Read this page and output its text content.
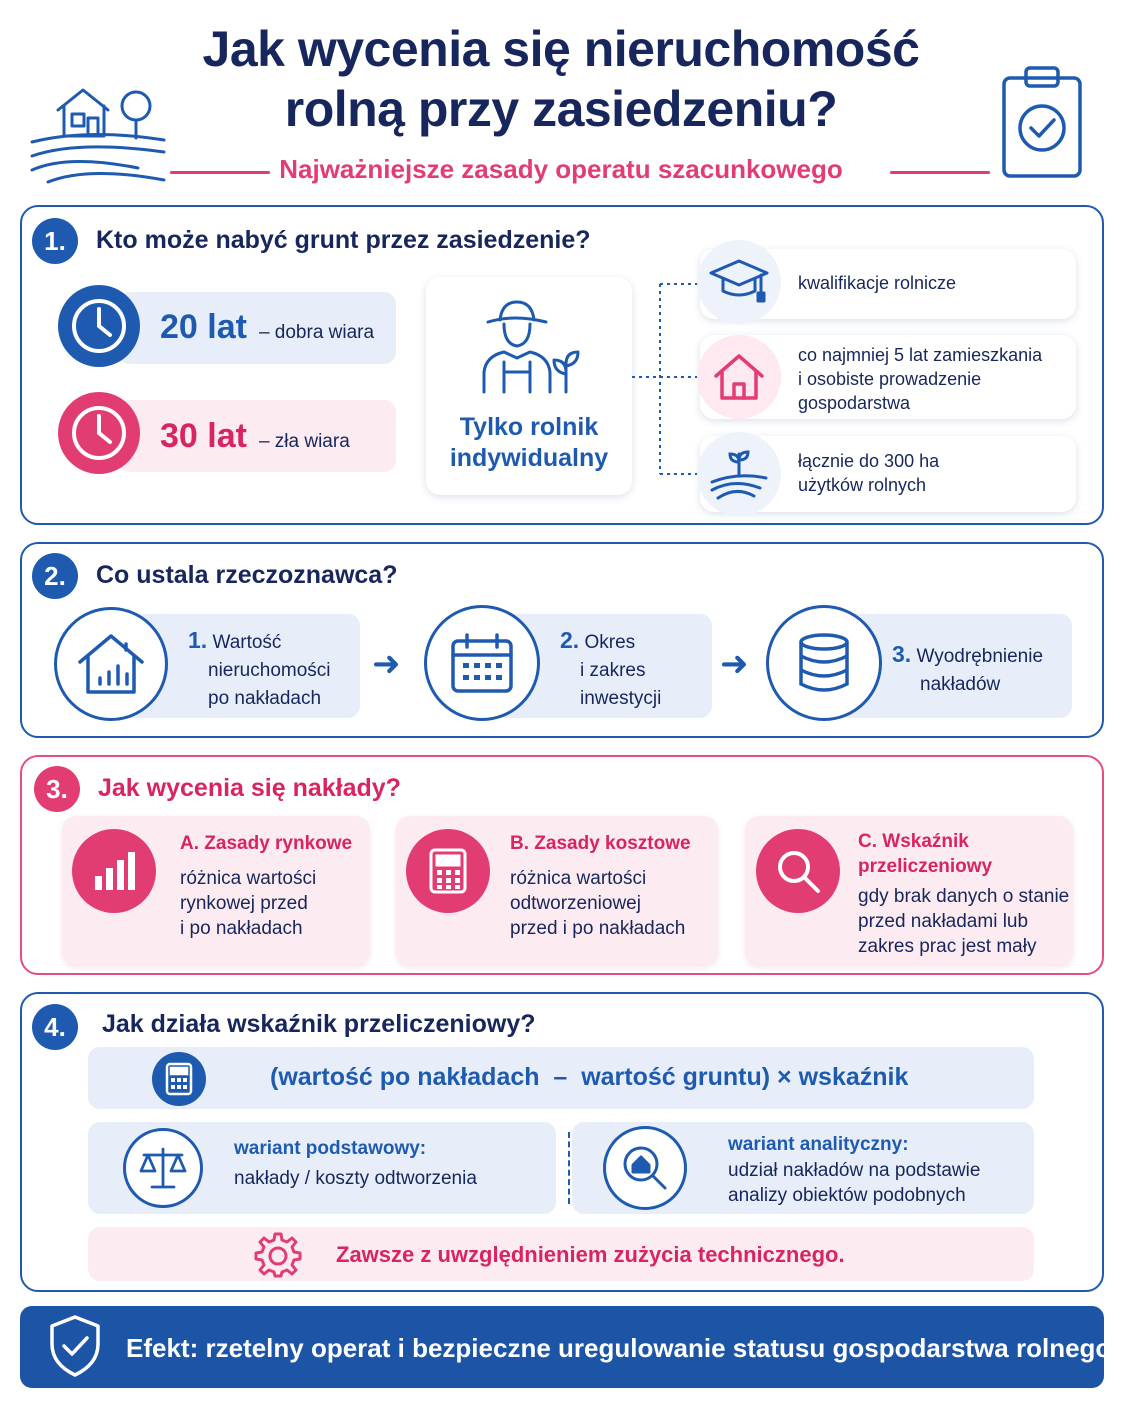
Jak wycenia się nieruchomość
rolną przy zasiedzeniu?
Najważniejsze zasady operatu szacunkowego
1.	Kto może nabyć grunt przez zasiedzenie?
20 lat – dobra wiara
30 lat – zła wiara
Tylko rolnik
indywidualny
kwalifikacje rolnicze
co najmniej 5 lat zamieszkania
i osobiste prowadzenie
gospodarstwa
łącznie do 300 ha
użytków rolnych
2.	Co ustala rzeczoznawca?
1. Wartość
nieruchomości
po nakładach
➜
2. Okres
i zakres
inwestycji
➜	3. Wyodrębnienie
nakładów
3.	Jak wycenia się nakłady?
A. Zasady rynkowe
różnica wartości
rynkowej przed
i po nakładach
B. Zasady kosztowe
różnica wartości
odtworzeniowej
przed i po nakładach
C. Wskaźnik
przeliczeniowy
gdy brak danych o stanie
przed nakładami lub
zakres prac jest mały
4.	Jak działa wskaźnik przeliczeniowy?
(wartość po nakładach  –  wartość gruntu) × wskaźnik
wariant podstawowy:
nakłady / koszty odtworzenia
wariant analityczny:
udział nakładów na podstawie
analizy obiektów podobnych
Zawsze z uwzględnieniem zużycia technicznego.
Efekt: rzetelny operat i bezpieczne uregulowanie statusu gospodarstwa rolnego
